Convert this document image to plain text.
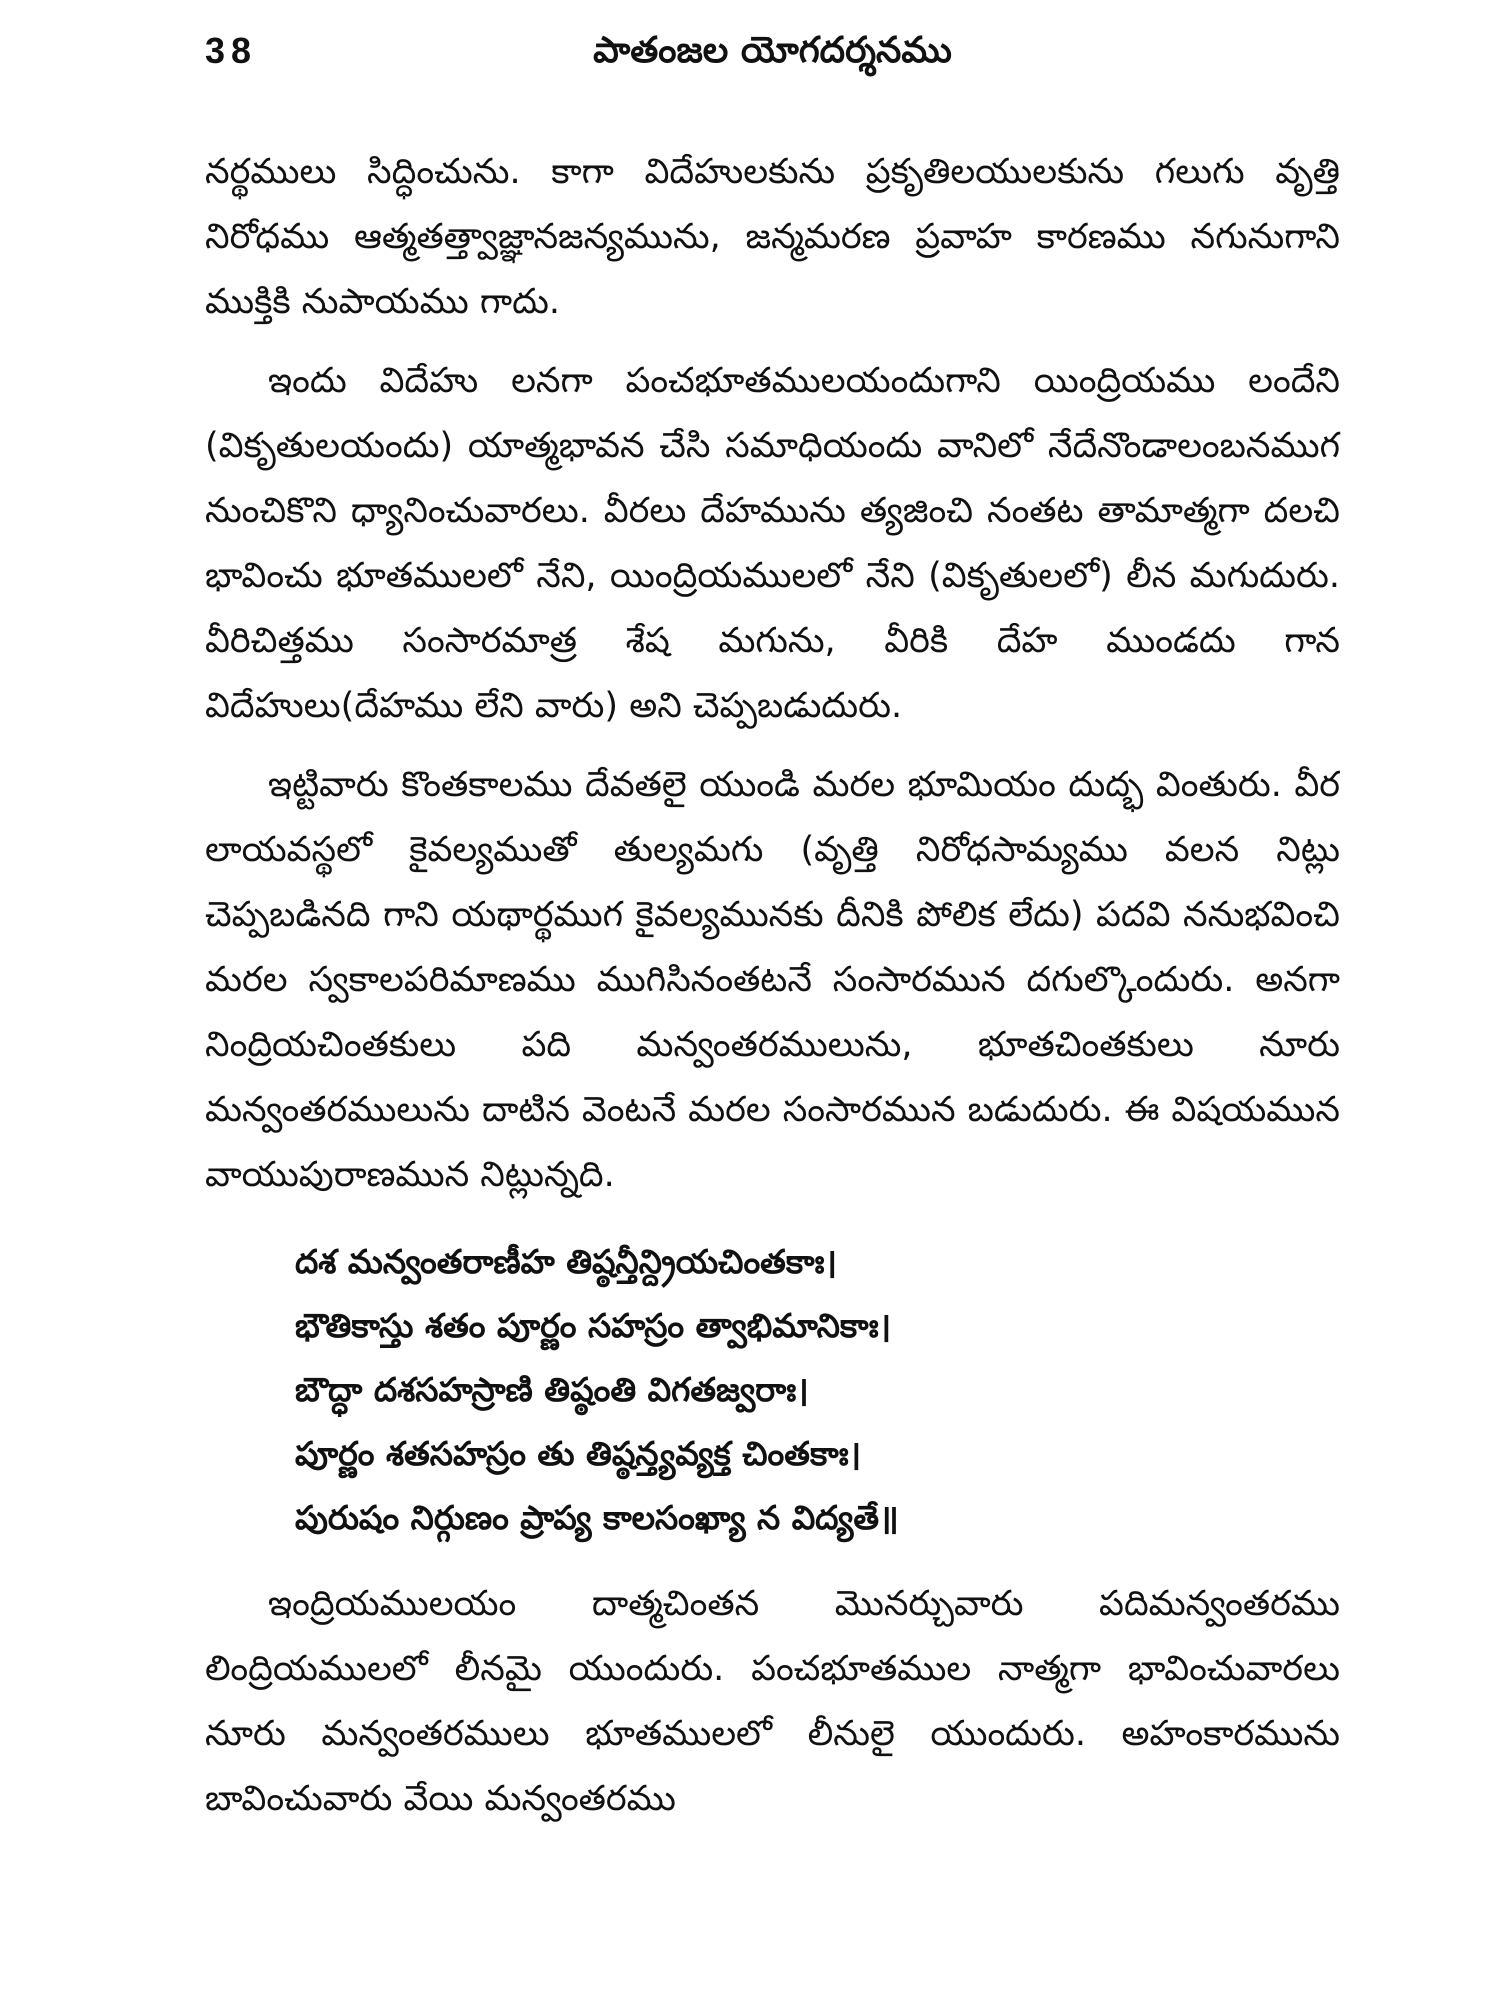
38	పాతంజల యోగదర్శనము

నర్థములు సిద్ధించును. కాగా విదేహులకును ప్రకృతిలయులకును గలుగు వృత్తి నిరోధము ఆత్మతత్త్వాజ్ఞానజన్యమును, జన్మమరణ ప్రవాహ కారణము నగునుగాని ముక్తికి నుపాయము గాదు.

ఇందు విదేహు లనగా పంచభూతములయందుగాని యింద్రియము లందేని (వికృతులయందు) యాత్మభావన చేసి సమాధియందు వానిలో నేదేనొండాలంబనముగ నుంచికొని ధ్యానించువారలు. వీరలు దేహమును త్యజించి నంతట తామాత్మగా దలచి భావించు భూతములలో నేని, యింద్రియములలో నేని (వికృతులలో) లీన మగుదురు. వీరిచిత్తము సంసారమాత్ర శేష మగును, వీరికి దేహ ముండదు గాన విదేహులు(దేహము లేని వారు) అని చెప్పబడుదురు.

ఇట్టివారు కొంతకాలము దేవతలై యుండి మరల భూమియం దుద్భ వింతురు. వీర లాయవస్థలో కైవల్యముతో తుల్యమగు (వృత్తి నిరోధసామ్యము వలన నిట్లు చెప్పబడినది గాని యథార్థముగ కైవల్యమునకు దీనికి పోలిక లేదు) పదవి ననుభవించి మరల స్వకాలపరిమాణము ముగిసినంతటనే సంసారమున దగుల్కొందురు. అనగా నింద్రియచింతకులు పది మన్వంతరములును, భూతచింతకులు నూరు మన్వంతరములును దాటిన వెంటనే మరల సంసారమున బడుదురు. ఈ విషయమున వాయుపురాణమున నిట్లున్నది.

దశ మన్వంతరాణీహ తిష్ఠన్తీన్ద్రియచింతకాః।
భౌతికాస్తు శతం పూర్ణం సహస్రం త్వాభిమానికాః।
బౌద్ధా దశసహస్రాణి తిష్ఠంతి విగతజ్వరాః।
పూర్ణం శతసహస్రం తు తిష్ఠన్త్యవ్యక్త చింతకాః।
పురుషం నిర్గుణం ప్రాప్య కాలసంఖ్యా న విద్యతే॥

ఇంద్రియములయం దాత్మచింతన మొనర్చువారు పదిమన్వంతరము లింద్రియములలో లీనమై యుందురు. పంచభూతముల నాత్మగా భావించువారలు నూరు మన్వంతరములు భూతములలో లీనులై యుందురు. అహంకారమును బావించువారు వేయి మన్వంతరము
